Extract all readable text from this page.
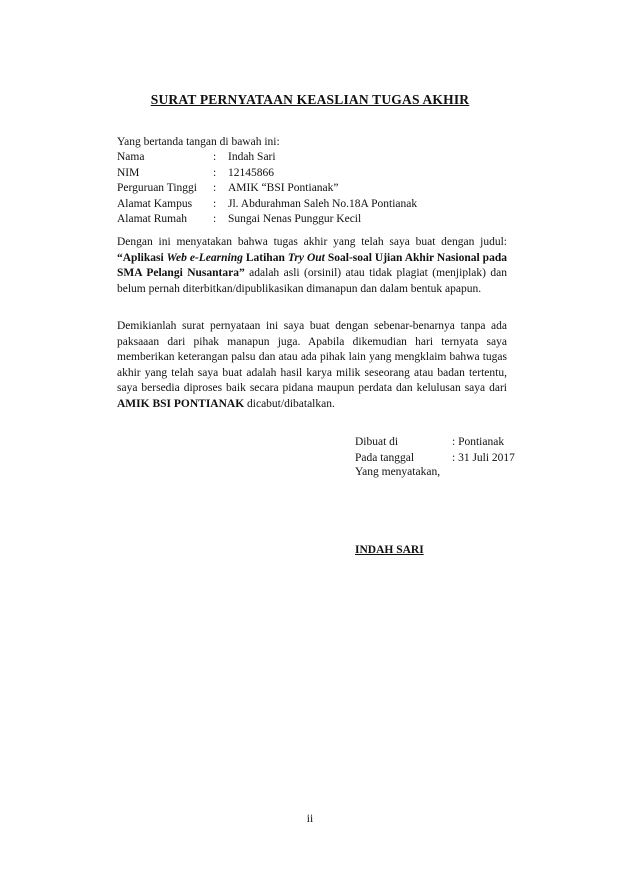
SURAT PERNYATAAN KEASLIAN TUGAS AKHIR
Yang bertanda tangan di bawah ini:
Nama	:	Indah Sari
NIM	:	12145866
Perguruan Tinggi	:	AMIK “BSI Pontianak”
Alamat Kampus	:	Jl. Abdurahman Saleh No.18A Pontianak
Alamat Rumah	:	Sungai Nenas Punggur Kecil

Dengan ini menyatakan bahwa tugas akhir yang telah saya buat dengan judul: “Aplikasi Web e-Learning Latihan Try Out Soal-soal Ujian Akhir Nasional pada SMA Pelangi Nusantara” adalah asli (orsinil) atau tidak plagiat (menjiplak) dan belum pernah diterbitkan/dipublikasikan dimanapun dan dalam bentuk apapun.

Demikianlah surat pernyataan ini saya buat dengan sebenar-benarnya tanpa ada paksaaan dari pihak manapun juga. Apabila dikemudian hari ternyata saya memberikan keterangan palsu dan atau ada pihak lain yang mengklaim bahwa tugas akhir yang telah saya buat adalah hasil karya milik seseorang atau badan tertentu, saya bersedia diproses baik secara pidana maupun perdata dan kelulusan saya dari AMIK BSI PONTIANAK dicabut/dibatalkan.

Dibuat di	: Pontianak
Pada tanggal	: 31 Juli 2017
Yang menyatakan,
INDAH SARI
ii
